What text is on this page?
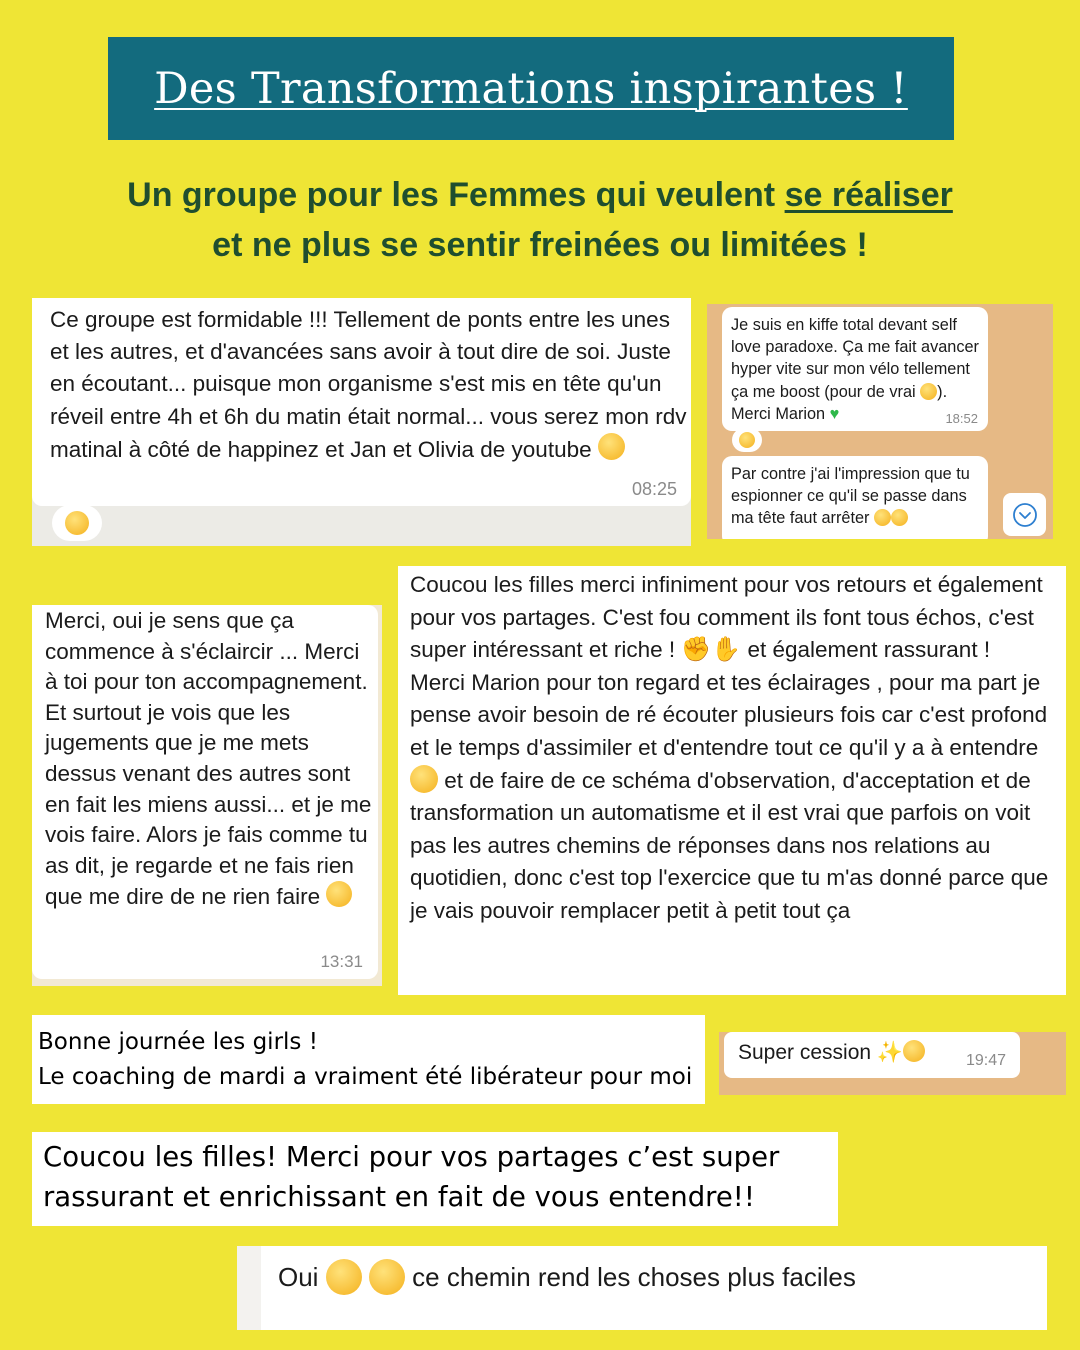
Des Transformations inspirantes !
Un groupe pour les Femmes qui veulent se réaliser
et ne plus se sentir freinées ou limitées !
Ce groupe est formidable !!! Tellement de ponts entre les unes et les autres, et d'avancées sans avoir à tout dire de soi. Juste en écoutant... puisque mon organisme s'est mis en tête qu'un réveil entre 4h et 6h du matin était normal... vous serez mon rdv matinal à côté de happinez et Jan et Olivia de youtube
08:25
Je suis en kiffe total devant self love paradoxe. Ça me fait avancer hyper vite sur mon vélo tellement ça me boost (pour de vrai ). Merci Marion ♥	18:52
Par contre j'ai l'impression que tu espionner ce qu'il se passe dans ma tête faut arrêter
Merci, oui je sens que ça commence à s'éclaircir ... Merci à toi pour ton accompagnement. Et surtout je vois que les jugements que je me mets dessus venant des autres sont en fait les miens aussi... et je me vois faire. Alors je fais comme tu as dit, je regarde et ne fais rien que me dire de ne rien faire
13:31
Coucou les filles merci infiniment pour vos retours et également pour vos partages. C'est fou comment ils font tous échos, c'est super intéressant et riche ! ✊✋ et également rassurant !
Merci Marion pour ton regard et tes éclairages , pour ma part je pense avoir besoin de ré écouter plusieurs fois car c'est profond et le temps d'assimiler et d'entendre tout ce qu'il y a à entendre  et de faire de ce schéma d'observation, d'acceptation et de transformation un automatisme et il est vrai que parfois on voit pas les autres chemins de réponses dans nos relations au quotidien, donc c'est top l'exercice que tu m'as donné parce que je vais pouvoir remplacer petit à petit tout ça
Bonne journée les girls !
Le coaching de mardi a vraiment été libérateur pour moi
Super cession ✨	19:47
Coucou les filles! Merci pour vos partages c’est super
rassurant et enrichissant en fait de vous entendre!!
Oui	ce chemin rend les choses plus faciles
